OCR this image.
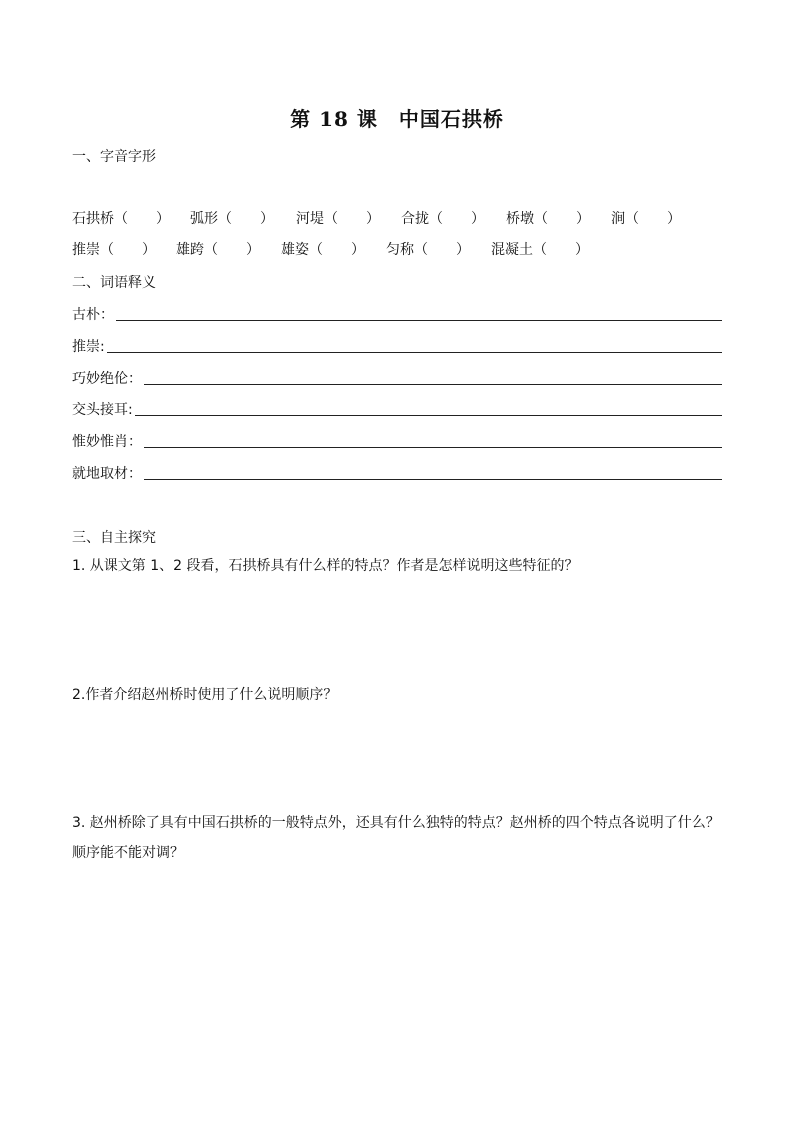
第 18 课　中国石拱桥
一、字音字形
石拱桥（　　） 弧形（　　） 河堤（　　） 合拢（　　） 桥墩（　　） 涧（　　）
推崇（　　） 雄跨（　　） 雄姿（　　） 匀称（　　） 混凝土（　　）
二、词语释义
古朴：
推崇:
巧妙绝伦：
交头接耳:
惟妙惟肖：
就地取材：
三、自主探究
1. 从课文第 1、2 段看，石拱桥具有什么样的特点？作者是怎样说明这些特征的？
2.作者介绍赵州桥时使用了什么说明顺序？
3. 赵州桥除了具有中国石拱桥的一般特点外，还具有什么独特的特点？赵州桥的四个特点各说明了什么？顺序能不能对调？
